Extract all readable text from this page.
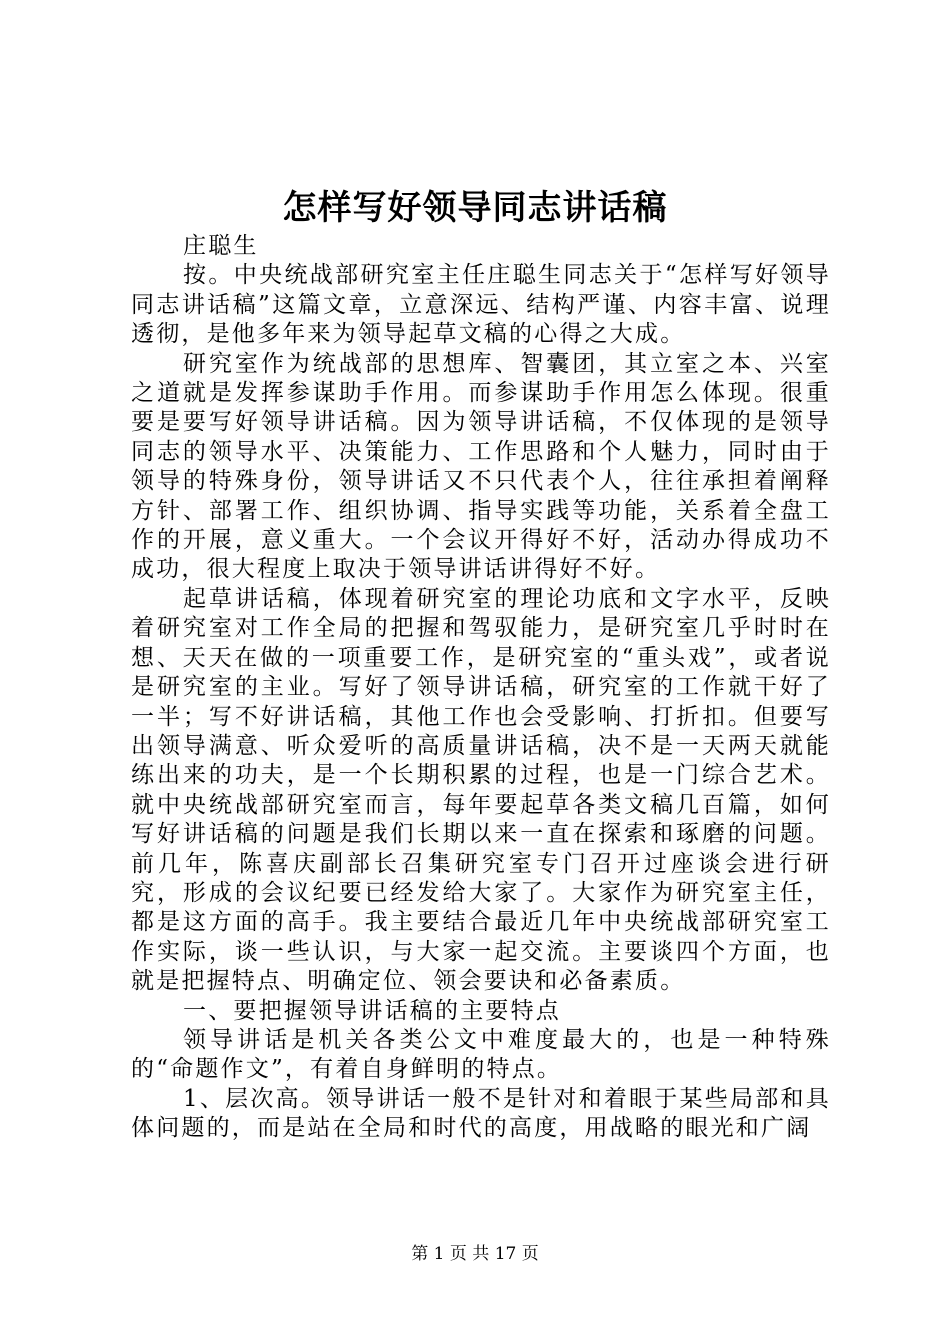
怎样写好领导同志讲话稿

庄聪生

按。中央统战部研究室主任庄聪生同志关于“怎样写好领导同志讲话稿”这篇文章，立意深远、结构严谨、内容丰富、说理透彻，是他多年来为领导起草文稿的心得之大成。

研究室作为统战部的思想库、智囊团，其立室之本、兴室之道就是发挥参谋助手作用。而参谋助手作用怎么体现。很重要是要写好领导讲话稿。因为领导讲话稿，不仅体现的是领导同志的领导水平、决策能力、工作思路和个人魅力，同时由于领导的特殊身份，领导讲话又不只代表个人，往往承担着阐释方针、部署工作、组织协调、指导实践等功能，关系着全盘工作的开展，意义重大。一个会议开得好不好，活动办得成功不成功，很大程度上取决于领导讲话讲得好不好。

起草讲话稿，体现着研究室的理论功底和文字水平，反映着研究室对工作全局的把握和驾驭能力，是研究室几乎时时在想、天天在做的一项重要工作，是研究室的“重头戏”，或者说是研究室的主业。写好了领导讲话稿，研究室的工作就干好了一半；写不好讲话稿，其他工作也会受影响、打折扣。但要写出领导满意、听众爱听的高质量讲话稿，决不是一天两天就能练出来的功夫，是一个长期积累的过程，也是一门综合艺术。就中央统战部研究室而言，每年要起草各类文稿几百篇，如何写好讲话稿的问题是我们长期以来一直在探索和琢磨的问题。前几年，陈喜庆副部长召集研究室专门召开过座谈会进行研究，形成的会议纪要已经发给大家了。大家作为研究室主任，都是这方面的高手。我主要结合最近几年中央统战部研究室工作实际，谈一些认识，与大家一起交流。主要谈四个方面，也就是把握特点、明确定位、领会要诀和必备素质。

一、要把握领导讲话稿的主要特点

领导讲话是机关各类公文中难度最大的，也是一种特殊的“命题作文”，有着自身鲜明的特点。

1、层次高。领导讲话一般不是针对和着眼于某些局部和具体问题的，而是站在全局和时代的高度，用战略的眼光和广阔

第 1 页 共 17 页
